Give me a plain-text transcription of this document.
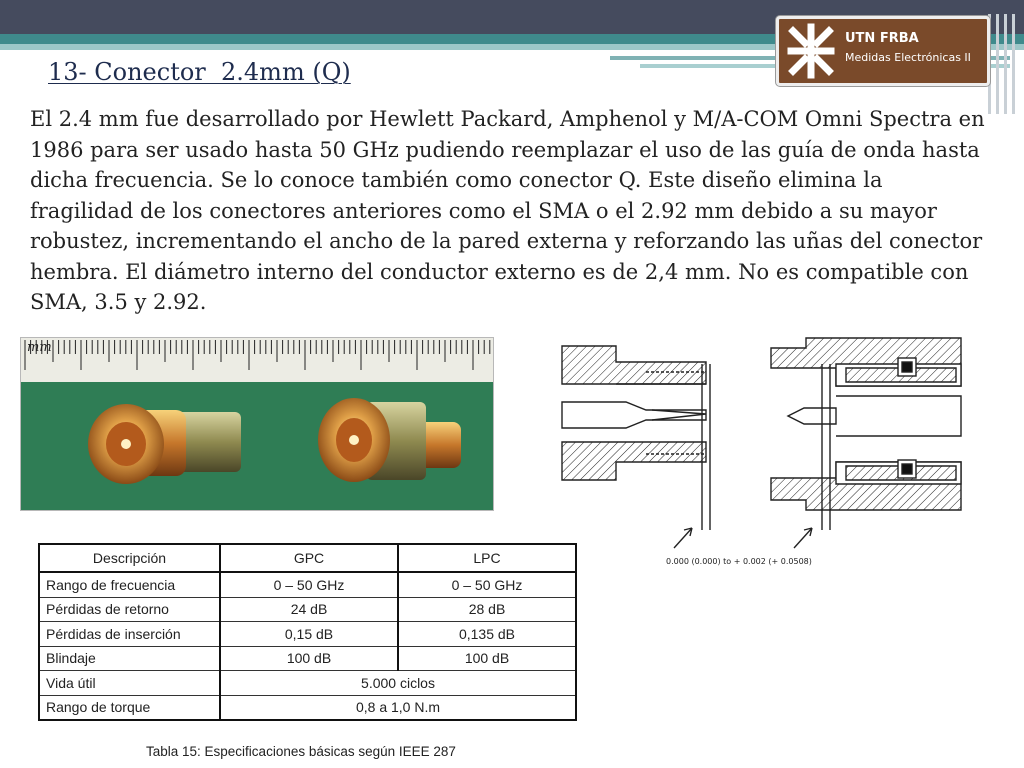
UTN FRBA
Medidas Electrónicas II
13- Conector  2.4mm (Q)
El 2.4 mm fue desarrollado por Hewlett Packard, Amphenol y M/A-COM Omni Spectra en 1986 para ser usado hasta 50 GHz pudiendo reemplazar el uso de las guía de onda hasta dicha frecuencia. Se lo conoce también como conector Q. Este diseño elimina la fragilidad de los conectores anteriores como el SMA o el 2.92 mm debido a su mayor robustez, incrementando el ancho de la pared externa y reforzando las uñas del conector hembra. El diámetro interno del conductor externo es de 2,4 mm. No es compatible con SMA, 3.5 y 2.92.
mm
0.000 (0.000) to + 0.002 (+ 0.0508)
Descripción	GPC	LPC
Rango de frecuencia	0 – 50 GHz	0 – 50 GHz
Pérdidas de retorno	24 dB	28 dB
Pérdidas de inserción	0,15 dB	0,135 dB
Blindaje	100 dB	100 dB
Vida útil	5.000 ciclos	
Rango de torque	0,8 a 1,0 N.m	
Tabla 15: Especificaciones básicas según IEEE 287
